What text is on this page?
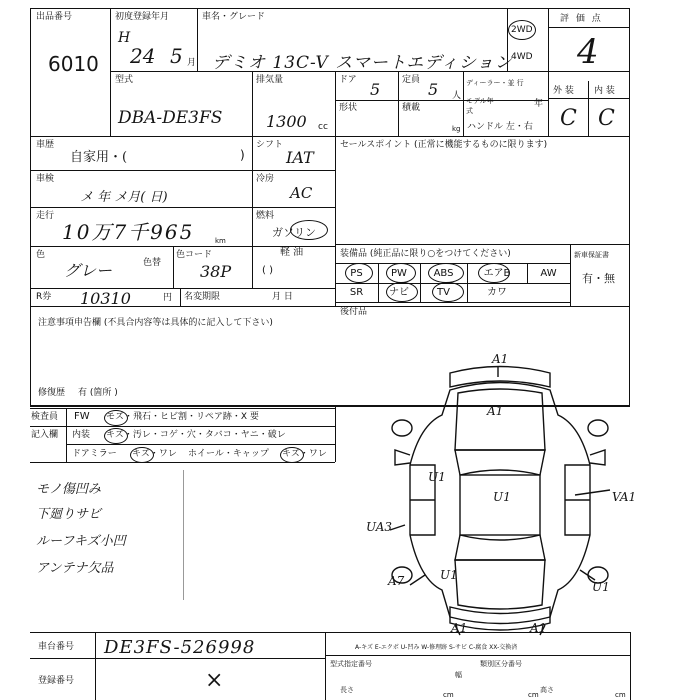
出品番号
6010
初度登録年月
H
24 5 月
車名・グレード
デミオ 13C-V スマートエディション
2WD
4WD
評 価 点
4
型式
DBA-DE3FS
排気量
1300 cc
ドア 5 定員 5 人
ディーラー・並 行
モデル年式
年
形状	積載
kg ハンドル 左・右
外 装 内 装
C C
車歴
自家用・(	)
シフト
IAT
車検
メ 年 メ月( 日)
冷房
AC
走行
10万7千965	km
燃料
ガソリン
軽 油
( )
色
グレー	色替
色コード
38P
R券 10310	円 名変期限	月 日
注意事項申告欄 (不具合内容等は具体的に記入して下さい)
修復歴 有 (箇所 )
セールスポイント (正常に機能するものに限ります)
装備品 (純正品に限り○をつけてください)	新車保証書
有・無
PS	PW	ABS	エアB	AW
SR	ナビ	TV	カワ
後付品
検査員
記入欄
FW モズ・飛石・ヒビ割・リペア跡・X 要
内装 キズ・汚レ・コゲ・穴・タバコ・ヤニ・破レ
ドアミラー キズ・ワレ ホイール・キャップ キズ・ワレ
モノ傷凹み
下廻りサビ
ルーフキズ小凹
アンテナ欠品
A1
A1
U1
U1	VA1
UA3
A7	U1
U1
A1	A1
A-キズ E-エクボ U-凹み W-修理跡 S-サビ C-腐食 XX-交換済
車台番号 DE3FS-526998
登録番号	×
型式指定番号	類別区分番号
長さ
幅
高さ
cm	cm	cm
